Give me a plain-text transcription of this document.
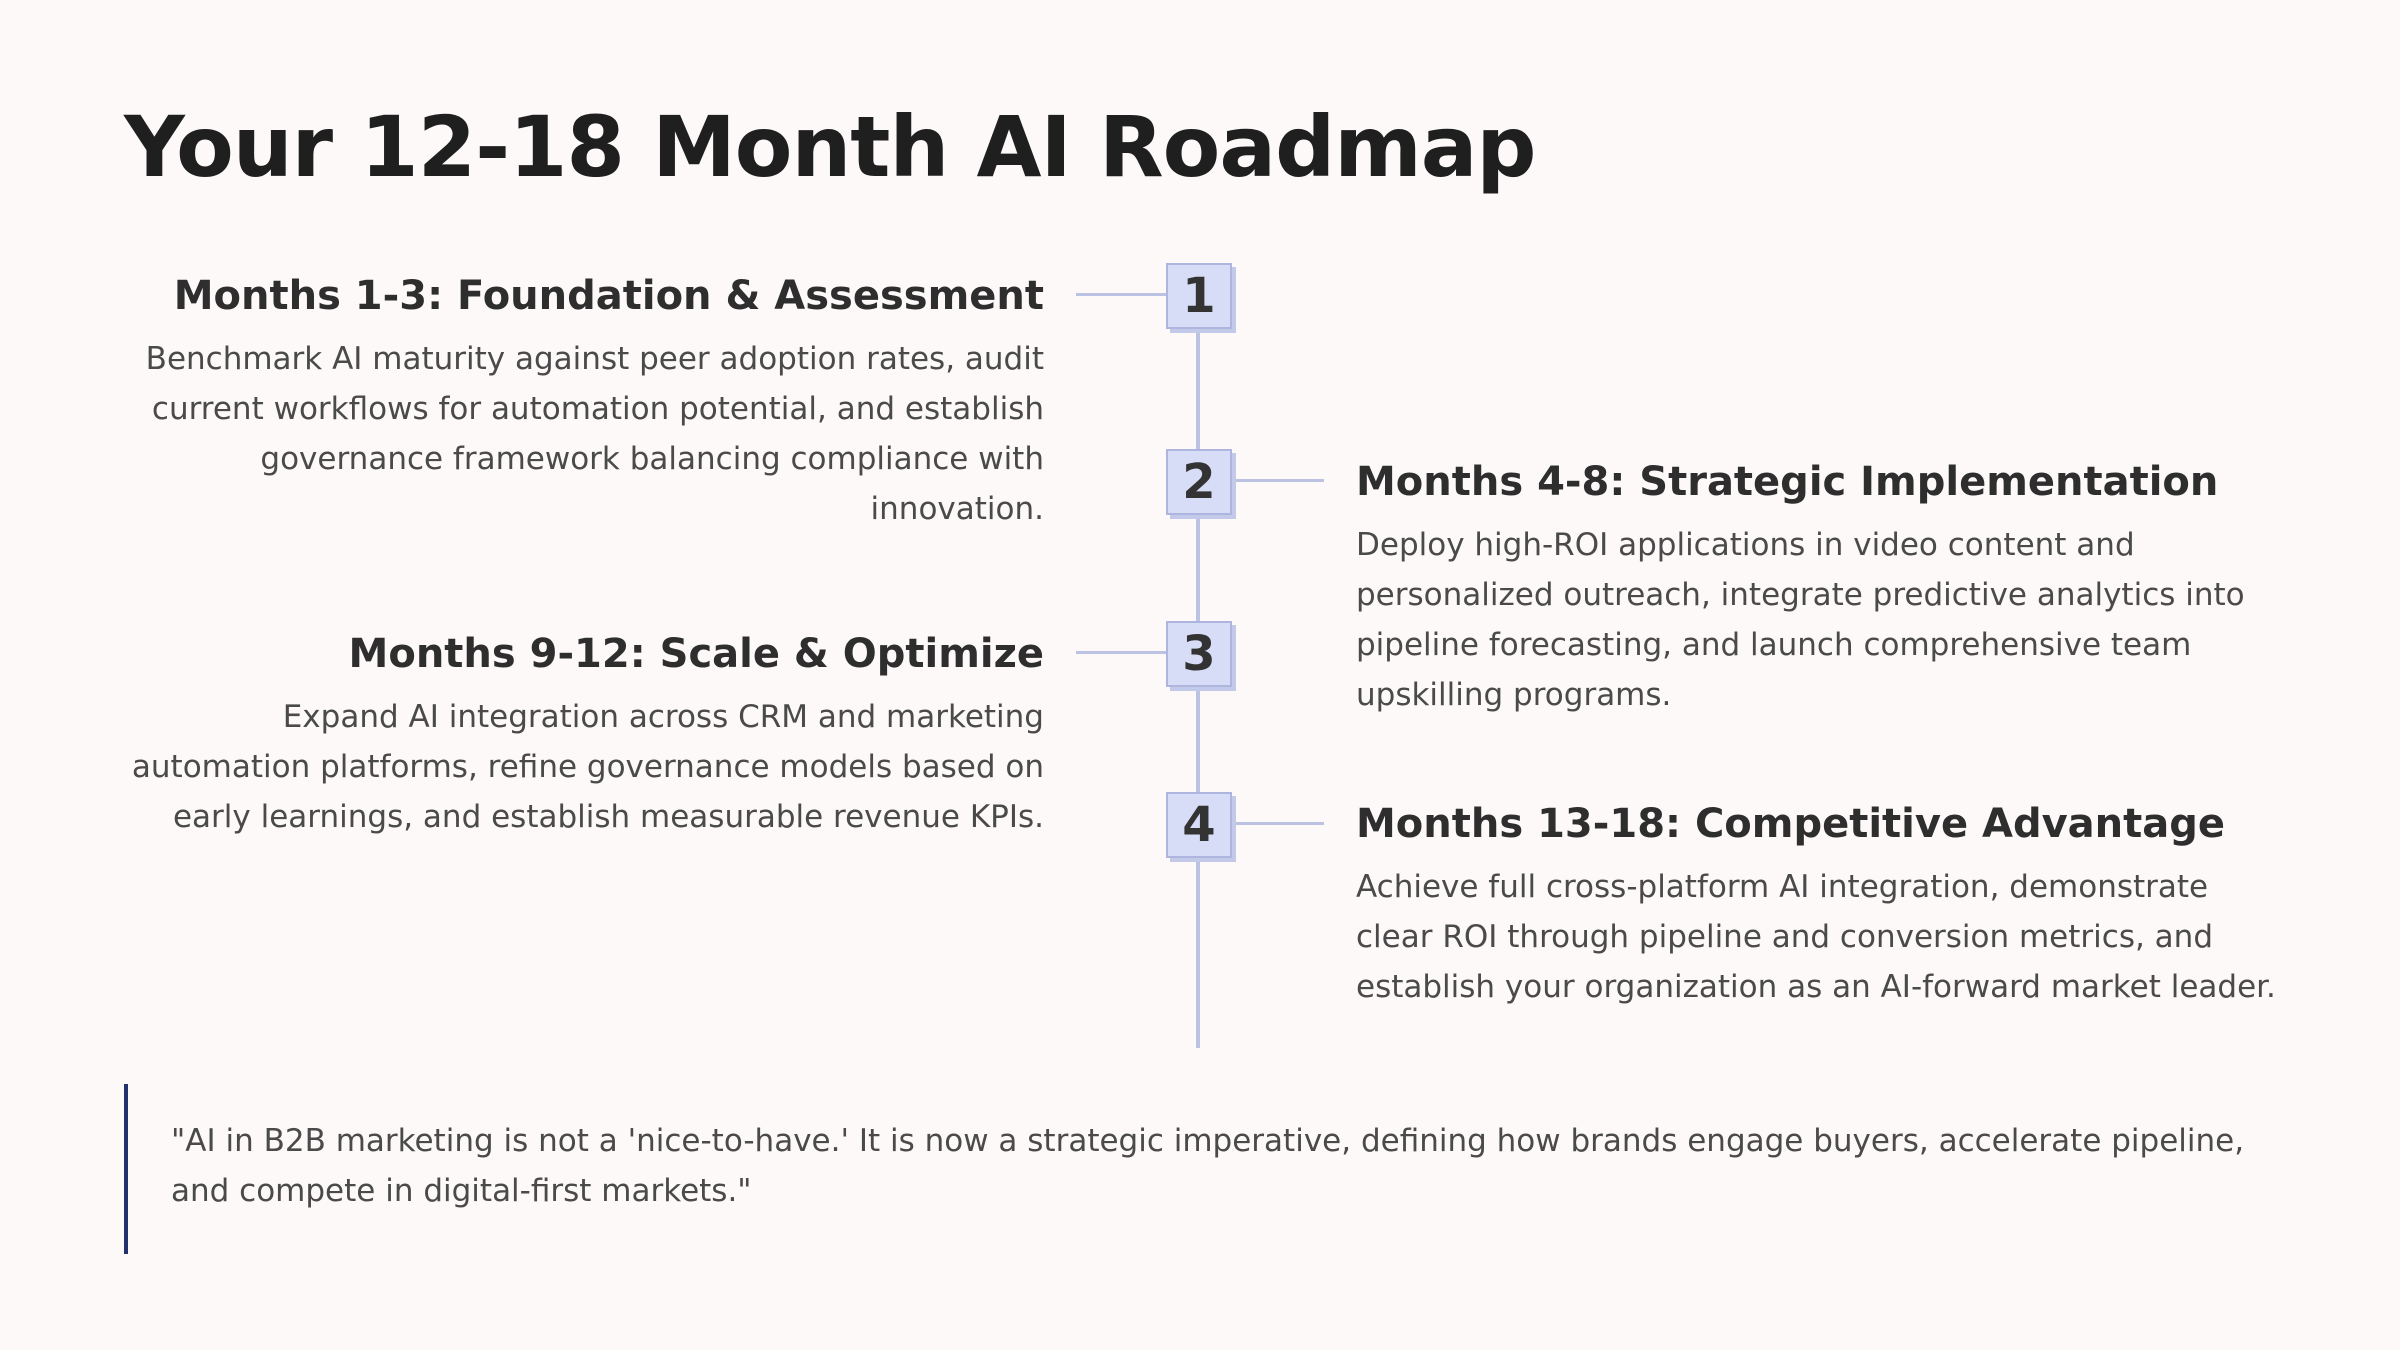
Your 12-18 Month AI Roadmap
1
Months 1-3: Foundation & Assessment

Benchmark AI maturity against peer adoption rates, audit current workflows for automation potential, and establish governance framework balancing compliance with innovation.	2	Months 4-8: Strategic Implementation

Deploy high-ROI applications in video content and personalized outreach, integrate predictive analytics into pipeline forecasting, and launch comprehensive team upskilling programs.

3
Months 9-12: Scale & Optimize

Expand AI integration across CRM and marketing automation platforms, refine governance models based on early learnings, and establish measurable revenue KPIs.	4	Months 13-18: Competitive Advantage

Achieve full cross-platform AI integration, demonstrate clear ROI through pipeline and conversion metrics, and establish your organization as an AI-forward market leader.

"AI in B2B marketing is not a 'nice-to-have.' It is now a strategic imperative, defining how brands engage buyers, accelerate pipeline, and compete in digital-first markets."
